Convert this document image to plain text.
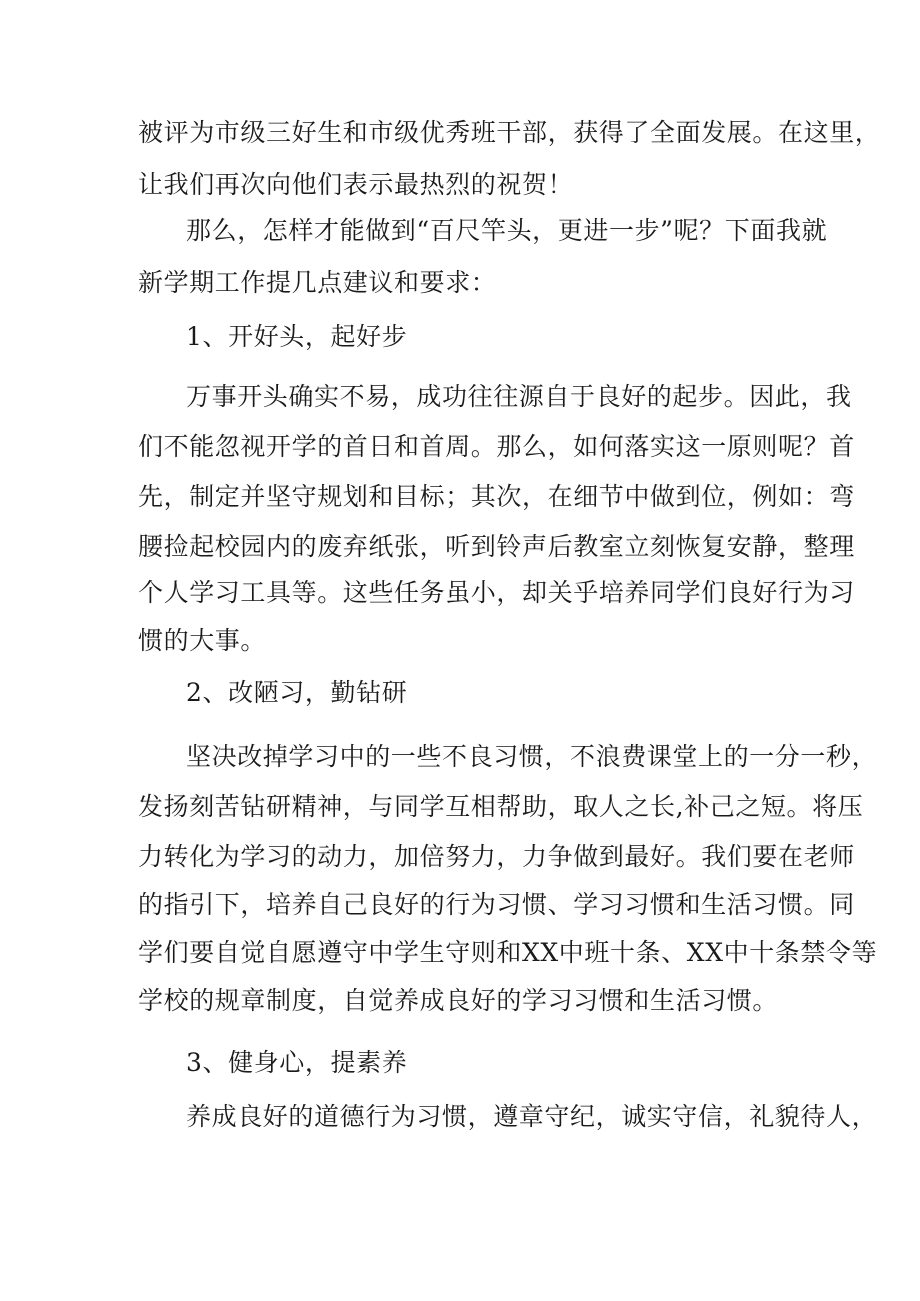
被评为市级三好生和市级优秀班干部，获得了全面发展。在这里，
让我们再次向他们表示最热烈的祝贺！
那么，怎样才能做到“百尺竿头，更进一步”呢？下面我就
新学期工作提几点建议和要求：
1、开好头，起好步
万事开头确实不易，成功往往源自于良好的起步。因此，我
们不能忽视开学的首日和首周。那么，如何落实这一原则呢？首
先，制定并坚守规划和目标；其次，在细节中做到位，例如：弯
腰捡起校园内的废弃纸张，听到铃声后教室立刻恢复安静，整理
个人学习工具等。这些任务虽小，却关乎培养同学们良好行为习
惯的大事。
2、改陋习，勤钻研
坚决改掉学习中的一些不良习惯，不浪费课堂上的一分一秒，
发扬刻苦钻研精神，与同学互相帮助，取人之长,补己之短。将压
力转化为学习的动力，加倍努力，力争做到最好。我们要在老师
的指引下，培养自己良好的行为习惯、学习习惯和生活习惯。同
学们要自觉自愿遵守中学生守则和XX中班十条、XX中十条禁令等
学校的规章制度，自觉养成良好的学习习惯和生活习惯。
3、健身心，提素养
养成良好的道德行为习惯，遵章守纪，诚实守信，礼貌待人，
